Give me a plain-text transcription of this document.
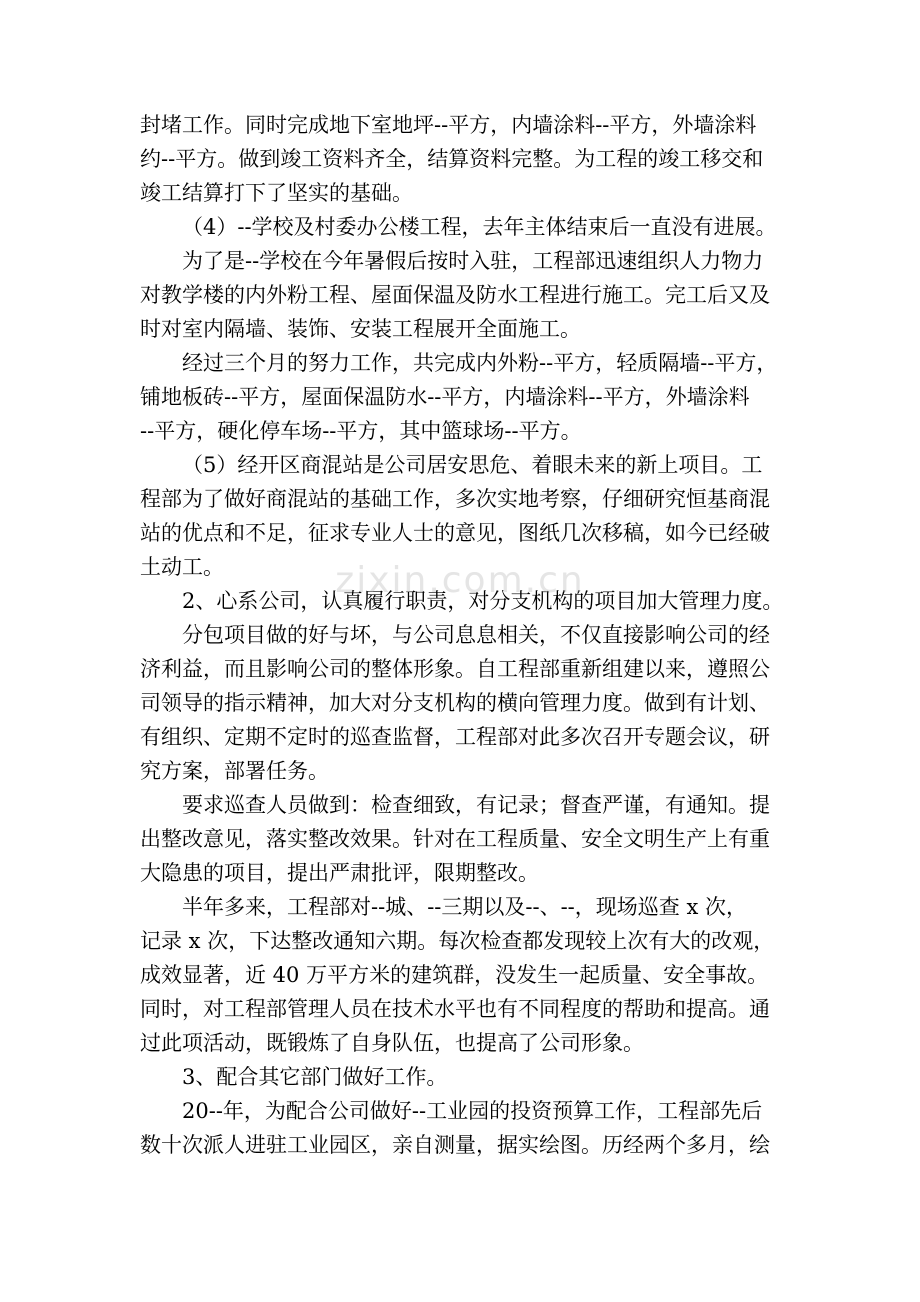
封堵工作。同时完成地下室地坪--平方，内墙涂料--平方，外墙涂料
约--平方。做到竣工资料齐全，结算资料完整。为工程的竣工移交和
竣工结算打下了坚实的基础。
（4）--学校及村委办公楼工程，去年主体结束后一直没有进展。
为了是--学校在今年暑假后按时入驻，工程部迅速组织人力物力
对教学楼的内外粉工程、屋面保温及防水工程进行施工。完工后又及
时对室内隔墙、装饰、安装工程展开全面施工。
经过三个月的努力工作，共完成内外粉--平方，轻质隔墙--平方，
铺地板砖--平方，屋面保温防水--平方，内墙涂料--平方，外墙涂料
--平方，硬化停车场--平方，其中篮球场--平方。
（5）经开区商混站是公司居安思危、着眼未来的新上项目。工
程部为了做好商混站的基础工作，多次实地考察，仔细研究恒基商混
站的优点和不足，征求专业人士的意见，图纸几次移稿，如今已经破
土动工。
2、心系公司，认真履行职责，对分支机构的项目加大管理力度。
分包项目做的好与坏，与公司息息相关，不仅直接影响公司的经
济利益，而且影响公司的整体形象。自工程部重新组建以来，遵照公
司领导的指示精神，加大对分支机构的横向管理力度。做到有计划、
有组织、定期不定时的巡查监督，工程部对此多次召开专题会议，研
究方案，部署任务。
要求巡查人员做到：检查细致，有记录；督查严谨，有通知。提
出整改意见，落实整改效果。针对在工程质量、安全文明生产上有重
大隐患的项目，提出严肃批评，限期整改。
半年多来，工程部对--城、--三期以及--、--，现场巡查 x 次，
记录 x 次，下达整改通知六期。每次检查都发现较上次有大的改观，
成效显著，近 40 万平方米的建筑群，没发生一起质量、安全事故。
同时，对工程部管理人员在技术水平也有不同程度的帮助和提高。通
过此项活动，既锻炼了自身队伍，也提高了公司形象。
3、配合其它部门做好工作。
20--年，为配合公司做好--工业园的投资预算工作，工程部先后
数十次派人进驻工业园区，亲自测量，据实绘图。历经两个多月，绘
zixin.com.cn
